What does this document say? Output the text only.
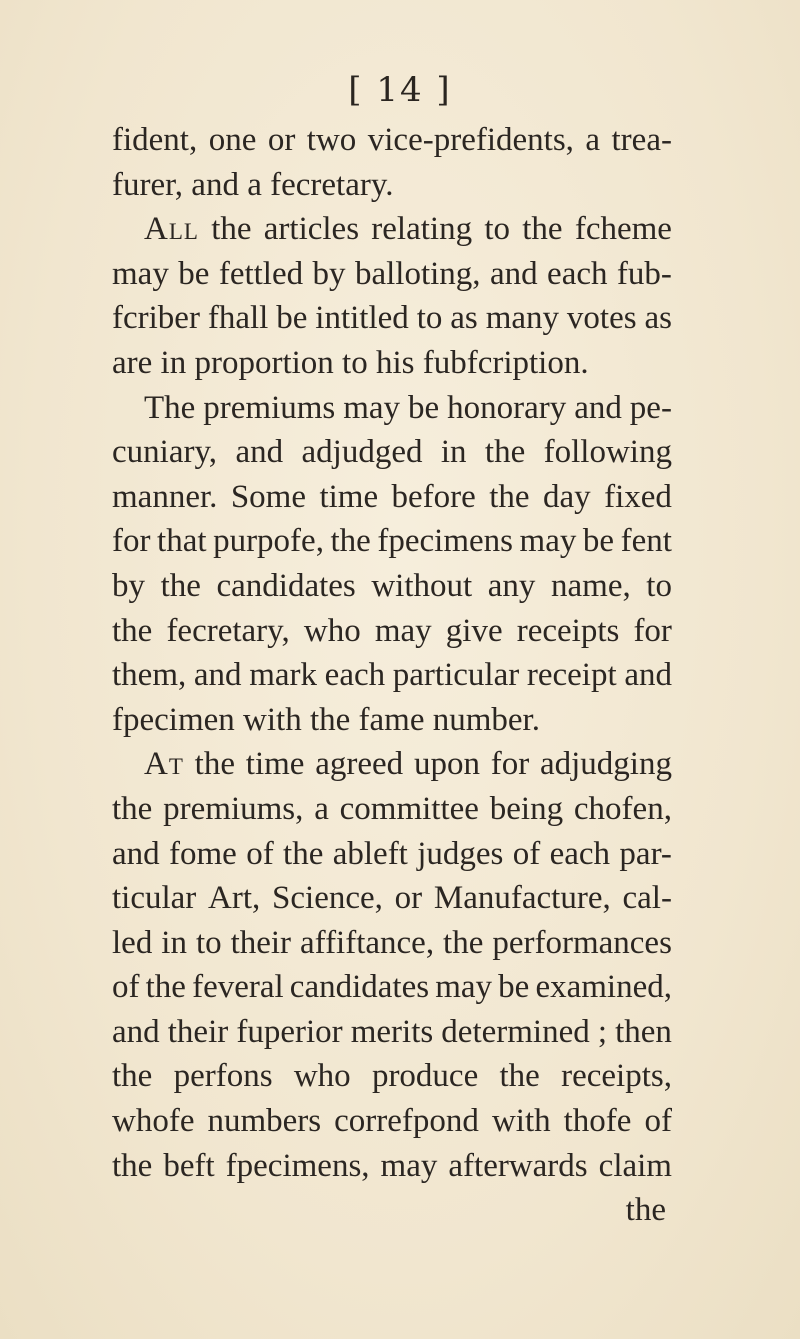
[ 14 ]
fident, one or two vice-prefidents, a trea-
furer,
and
a
fecretary.
All the articles relating to the fcheme
may be fettled by balloting, and each fub-
fcriber fhall be intitled to as many votes as
are
in
proportion
to
his
fubfcription.
The premiums may be honorary and pe-
cuniary, and adjudged in the following
manner. Some time before the day fixed
for that purpofe, the fpecimens may be fent
by the candidates without any name, to
the fecretary, who may give receipts for
them, and mark each particular receipt and
fpecimen
with
the
fame
number.
At the time agreed upon for adjudging
the premiums, a committee being chofen,
and fome of the ableft judges of each par-
ticular Art, Science, or Manufacture, cal-
led in to their affiftance, the performances
of the feveral candidates may be examined,
and their fuperior merits determined ; then
the perfons who produce the receipts,
whofe numbers correfpond with thofe of
the beft fpecimens, may afterwards claim
the
